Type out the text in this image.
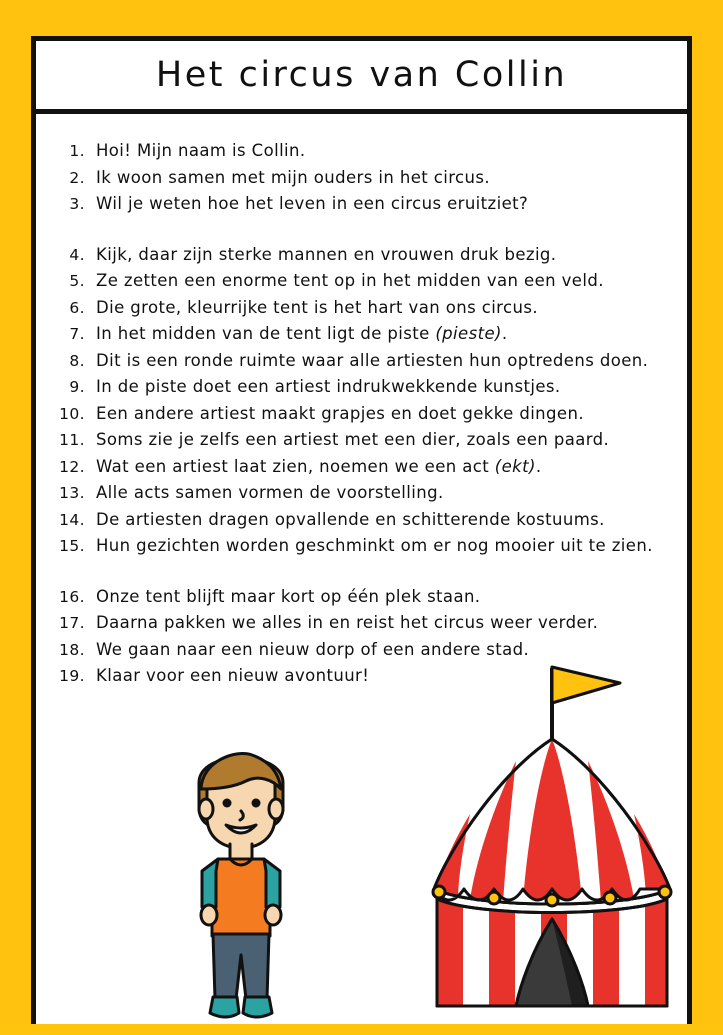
Het circus van Collin
1. Hoi! Mijn naam is Collin.
2. Ik woon samen met mijn ouders in het circus.
3. Wil je weten hoe het leven in een circus eruitziet?
4. Kijk, daar zijn sterke mannen en vrouwen druk bezig.
5. Ze zetten een enorme tent op in het midden van een veld.
6. Die grote, kleurrijke tent is het hart van ons circus.
7. In het midden van de tent ligt de piste (pieste).
8. Dit is een ronde ruimte waar alle artiesten hun optredens doen.
9. In de piste doet een artiest indrukwekkende kunstjes.
10. Een andere artiest maakt grapjes en doet gekke dingen.
11. Soms zie je zelfs een artiest met een dier, zoals een paard.
12. Wat een artiest laat zien, noemen we een act (ekt).
13. Alle acts samen vormen de voorstelling.
14. De artiesten dragen opvallende en schitterende kostuums.
15. Hun gezichten worden geschminkt om er nog mooier uit te zien.
16. Onze tent blijft maar kort op één plek staan.
17. Daarna pakken we alles in en reist het circus weer verder.
18. We gaan naar een nieuw dorp of een andere stad.
19. Klaar voor een nieuw avontuur!
